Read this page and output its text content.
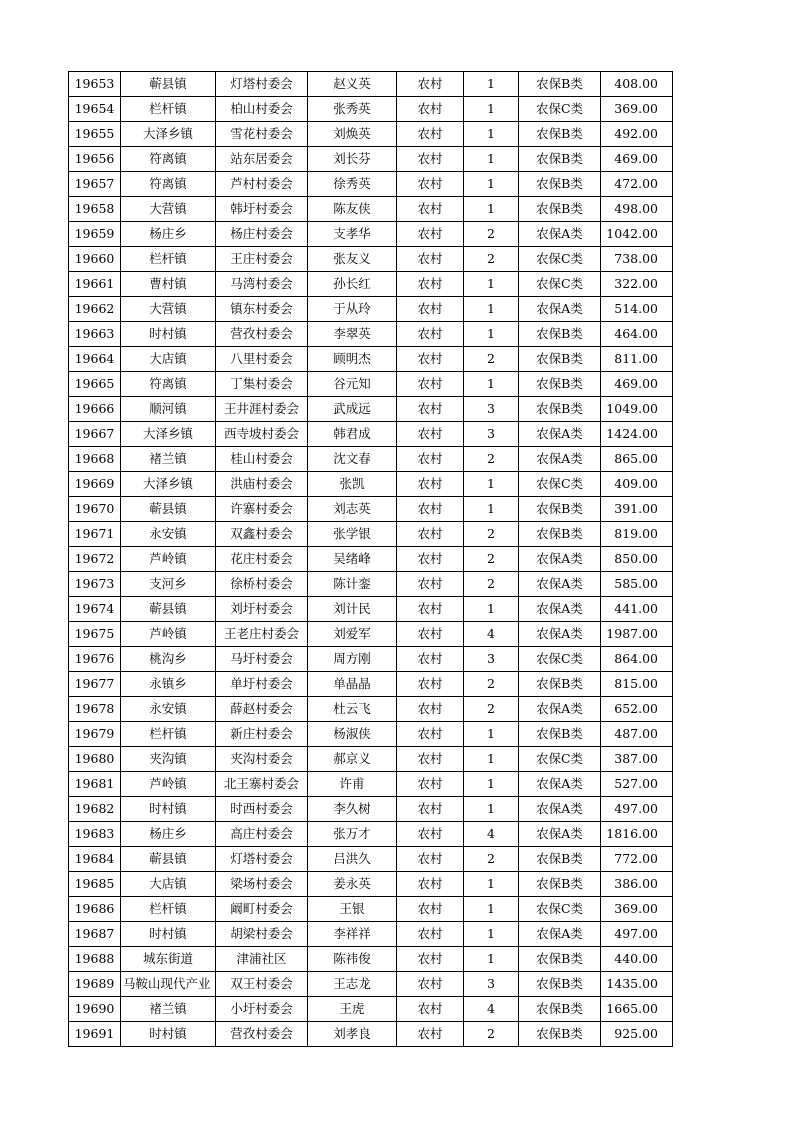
19653	蕲县镇	灯塔村委会	赵义英	农村	1	农保B类	408.00
19654	栏杆镇	柏山村委会	张秀英	农村	1	农保C类	369.00
19655	大泽乡镇	雪花村委会	刘焕英	农村	1	农保B类	492.00
19656	符离镇	站东居委会	刘长芬	农村	1	农保B类	469.00
19657	符离镇	芦村村委会	徐秀英	农村	1	农保B类	472.00
19658	大营镇	韩圩村委会	陈友侠	农村	1	农保B类	498.00
19659	杨庄乡	杨庄村委会	支孝华	农村	2	农保A类	1042.00
19660	栏杆镇	王庄村委会	张友义	农村	2	农保C类	738.00
19661	曹村镇	马湾村委会	孙长红	农村	1	农保C类	322.00
19662	大营镇	镇东村委会	于从玲	农村	1	农保A类	514.00
19663	时村镇	营孜村委会	李翠英	农村	1	农保B类	464.00
19664	大店镇	八里村委会	顾明杰	农村	2	农保B类	811.00
19665	符离镇	丁集村委会	谷元知	农村	1	农保B类	469.00
19666	顺河镇	王井涯村委会	武成远	农村	3	农保B类	1049.00
19667	大泽乡镇	西寺坡村委会	韩君成	农村	3	农保A类	1424.00
19668	褚兰镇	桂山村委会	沈文春	农村	2	农保A类	865.00
19669	大泽乡镇	洪庙村委会	张凯	农村	1	农保C类	409.00
19670	蕲县镇	许寨村委会	刘志英	农村	1	农保B类	391.00
19671	永安镇	双鑫村委会	张学银	农村	2	农保B类	819.00
19672	芦岭镇	花庄村委会	吴绪峰	农村	2	农保A类	850.00
19673	支河乡	徐桥村委会	陈计銮	农村	2	农保A类	585.00
19674	蕲县镇	刘圩村委会	刘计民	农村	1	农保A类	441.00
19675	芦岭镇	王老庄村委会	刘爱军	农村	4	农保A类	1987.00
19676	桃沟乡	马圩村委会	周方刚	农村	3	农保C类	864.00
19677	永镇乡	单圩村委会	单晶晶	农村	2	农保B类	815.00
19678	永安镇	薛赵村委会	杜云飞	农村	2	农保A类	652.00
19679	栏杆镇	新庄村委会	杨淑侠	农村	1	农保B类	487.00
19680	夹沟镇	夹沟村委会	郝京义	农村	1	农保C类	387.00
19681	芦岭镇	北王寨村委会	许甫	农村	1	农保A类	527.00
19682	时村镇	时西村委会	李久树	农村	1	农保A类	497.00
19683	杨庄乡	高庄村委会	张万才	农村	4	农保A类	1816.00
19684	蕲县镇	灯塔村委会	吕洪久	农村	2	农保B类	772.00
19685	大店镇	梁场村委会	姜永英	农村	1	农保B类	386.00
19686	栏杆镇	阚町村委会	王银	农村	1	农保C类	369.00
19687	时村镇	胡梁村委会	李祥祥	农村	1	农保A类	497.00
19688	城东街道	津浦社区	陈祎俊	农村	1	农保B类	440.00
19689	马鞍山现代产业	双王村委会	王志龙	农村	3	农保B类	1435.00
19690	褚兰镇	小圩村委会	王虎	农村	4	农保B类	1665.00
19691	时村镇	营孜村委会	刘孝良	农村	2	农保B类	925.00
